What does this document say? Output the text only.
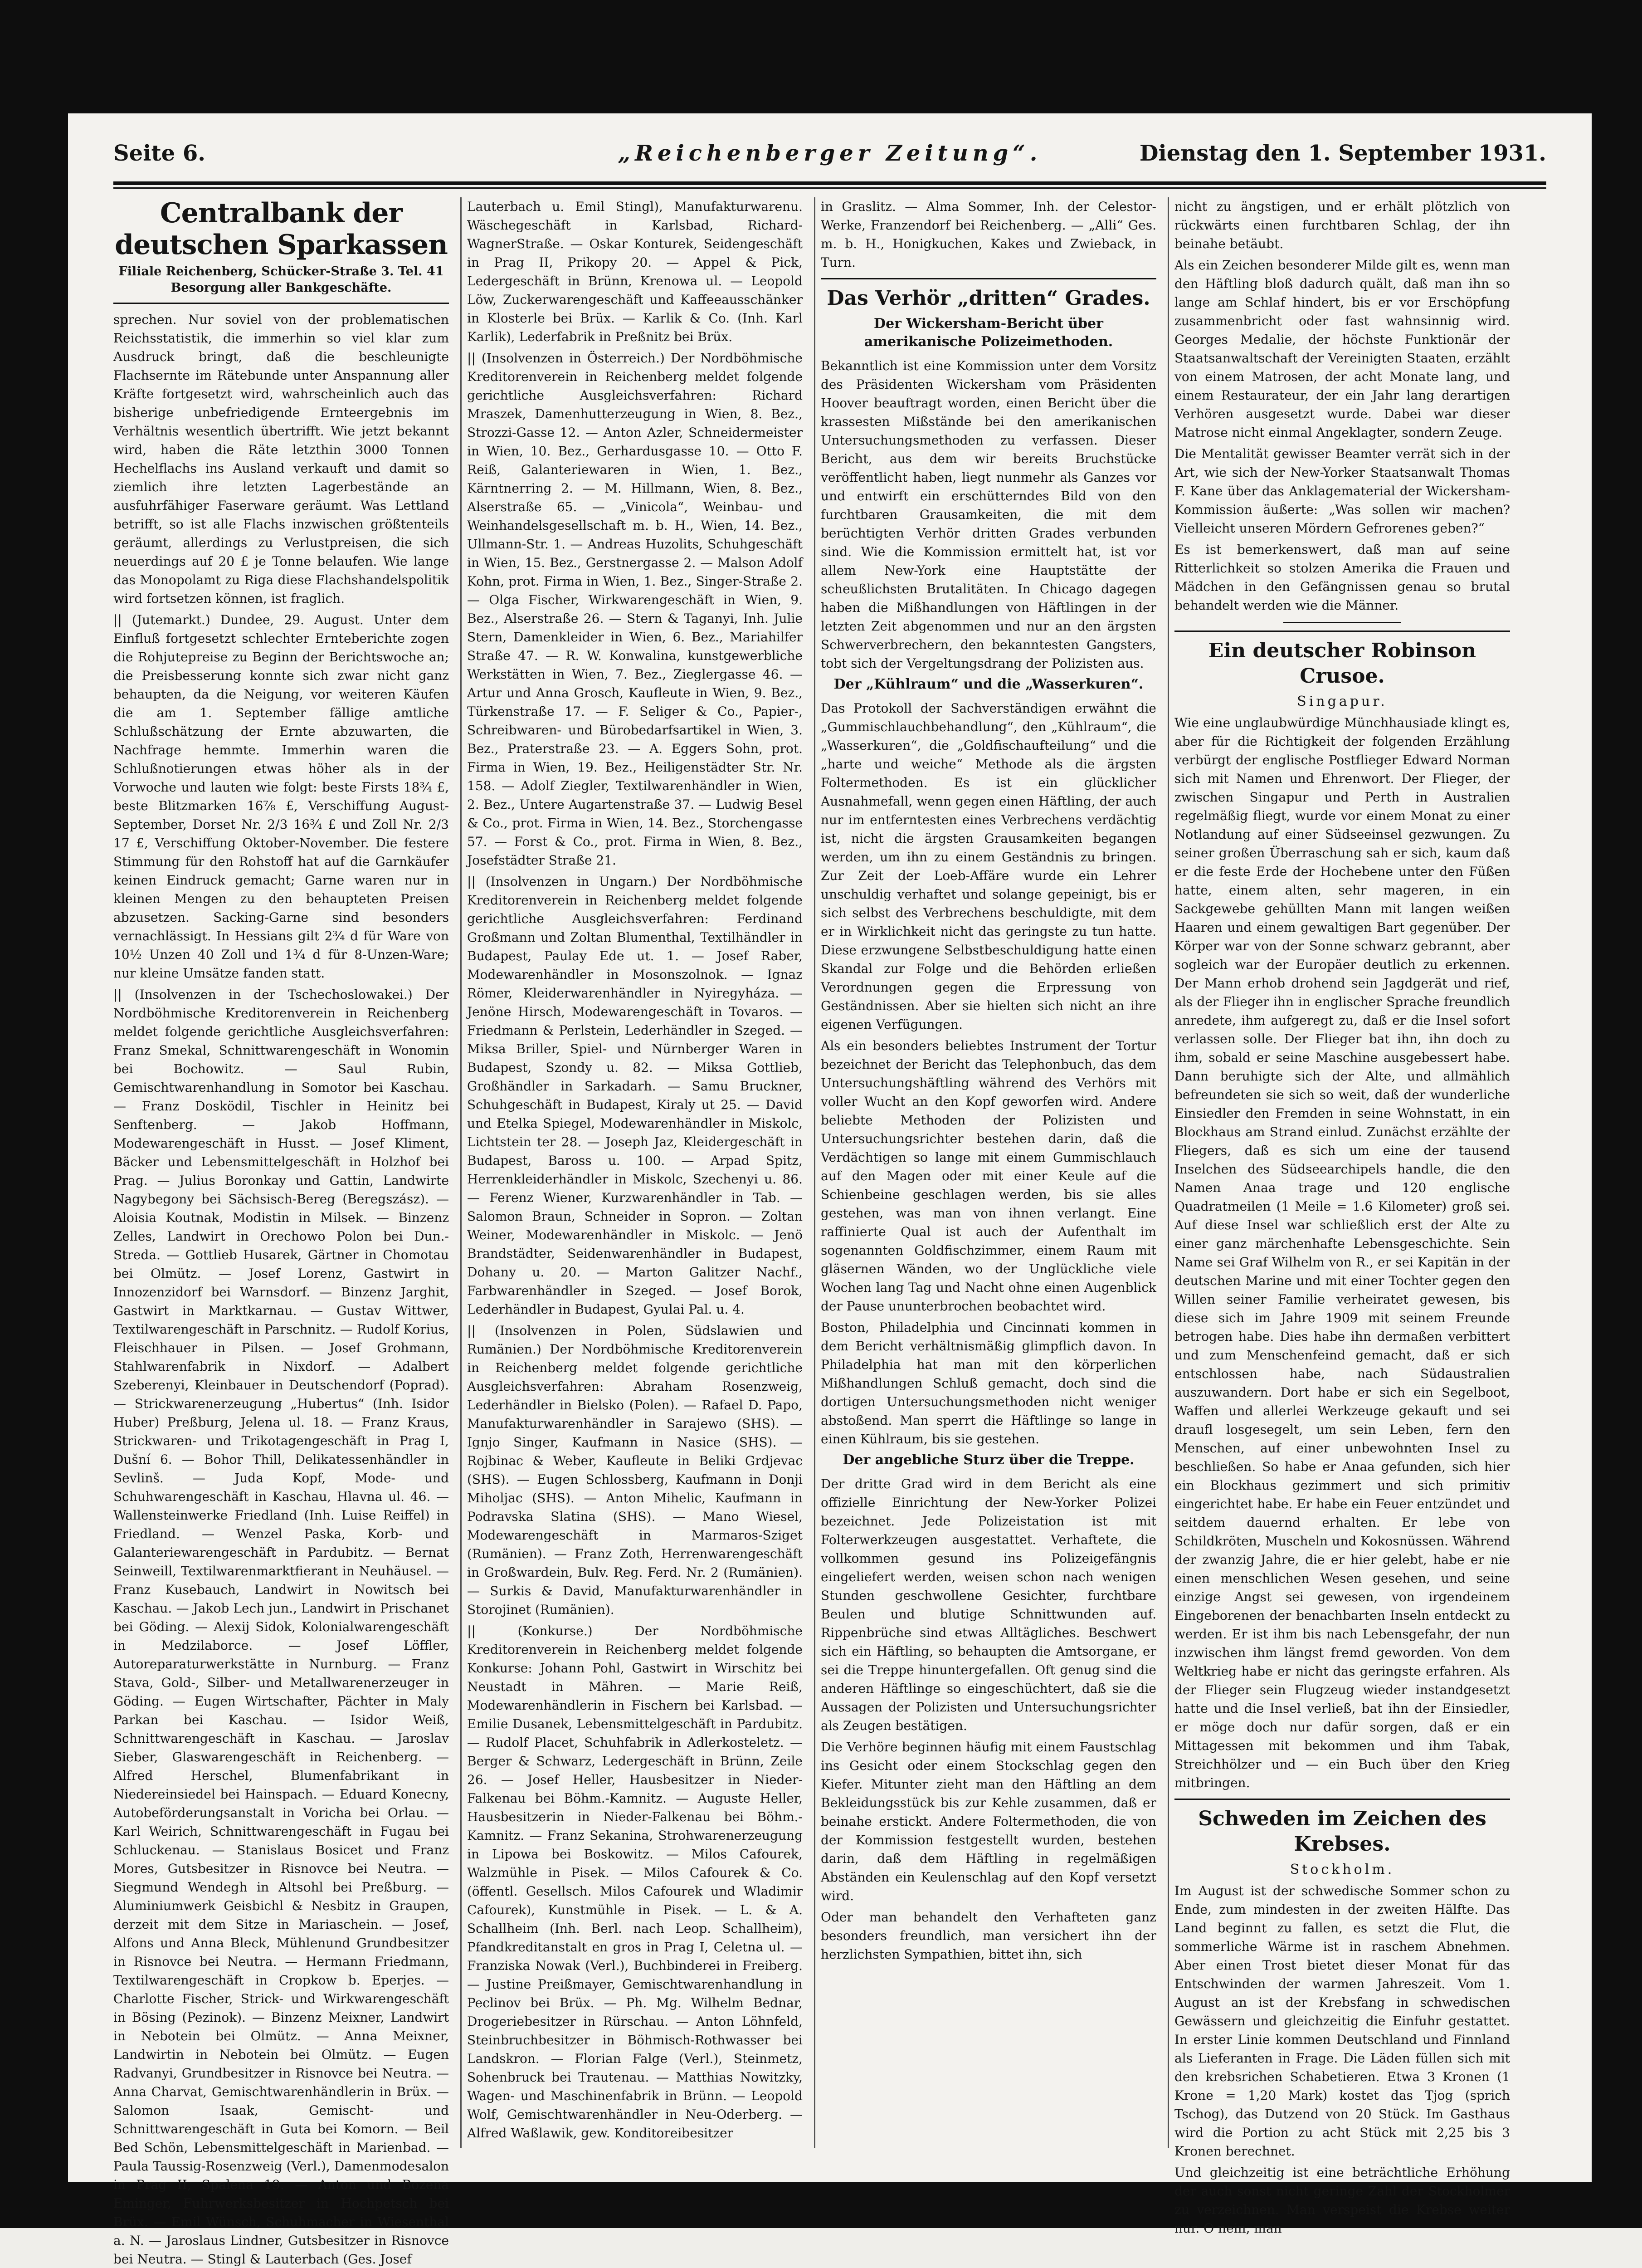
Seite 6.	„Reichenberger Zeitung“.	Dienstag den 1. September 1931.
Centralbank der deutschen Sparkassen
Filiale Reichenberg, Schücker-Straße 3. Tel. 41
Besorgung aller Bankgeschäfte.

sprechen. Nur soviel von der problematischen Reichsstatistik, die immerhin so viel klar zum Ausdruck bringt, daß die beschleunigte Flachsernte im Rätebunde unter Anspannung aller Kräfte fortgesetzt wird, wahrscheinlich auch das bisherige unbefriedigende Ernteergebnis im Verhältnis wesentlich übertrifft. Wie jetzt bekannt wird, haben die Räte letzthin 3000 Tonnen Hechelflachs ins Ausland verkauft und damit so ziemlich ihre letzten Lagerbestände an ausfuhrfähiger Faserware geräumt. Was Lettland betrifft, so ist alle Flachs inzwischen größtenteils geräumt, allerdings zu Verlustpreisen, die sich neuerdings auf 20 £ je Tonne belaufen. Wie lange das Monopolamt zu Riga diese Flachshandelspolitik wird fortsetzen können, ist fraglich.

|| (Jutemarkt.) Dundee, 29. August. Unter dem Einfluß fortgesetzt schlechter Ernteberichte zogen die Rohjutepreise zu Beginn der Berichtswoche an; die Preisbesserung konnte sich zwar nicht ganz behaupten, da die Neigung, vor weiteren Käufen die am 1. September fällige amtliche Schlußschätzung der Ernte abzuwarten, die Nachfrage hemmte. Immerhin waren die Schlußnotierungen etwas höher als in der Vorwoche und lauten wie folgt: beste Firsts 18¾ £, beste Blitzmarken 16⅞ £, Verschiffung August-September, Dorset Nr. 2/3 16¾ £ und Zoll Nr. 2/3 17 £, Verschiffung Oktober-November. Die festere Stimmung für den Rohstoff hat auf die Garnkäufer keinen Eindruck gemacht; Garne waren nur in kleinen Mengen zu den behaupteten Preisen abzusetzen. Sacking-Garne sind besonders vernachlässigt. In Hessians gilt 2¾ d für Ware von 10½ Unzen 40 Zoll und 1¾ d für 8-Unzen-Ware; nur kleine Umsätze fanden statt.

|| (Insolvenzen in der Tschechoslowakei.) Der Nordböhmische Kreditorenverein in Reichenberg meldet folgende gerichtliche Ausgleichsverfahren: Franz Smekal, Schnittwarengeschäft in Wonomin bei Bochowitz. — Saul Rubin, Gemischtwarenhandlung in Somotor bei Kaschau. — Franz Dosködil, Tischler in Heinitz bei Senftenberg. — Jakob Hoffmann, Modewarengeschäft in Husst. — Josef Kliment, Bäcker und Lebensmittelgeschäft in Holzhof bei Prag. — Julius Boronkay und Gattin, Landwirte Nagybegony bei Sächsisch-Bereg (Beregszász). — Aloisia Koutnak, Modistin in Milsek. — Binzenz Zelles, Landwirt in Orechowo Polon bei Dun.-Streda. — Gottlieb Husarek, Gärtner in Chomotau bei Olmütz. — Josef Lorenz, Gastwirt in Innozenzidorf bei Warnsdorf. — Binzenz Jarghit, Gastwirt in Marktkarnau. — Gustav Wittwer, Textilwarengeschäft in Parschnitz. — Rudolf Korius, Fleischhauer in Pilsen. — Josef Grohmann, Stahlwarenfabrik in Nixdorf. — Adalbert Szeberenyi, Kleinbauer in Deutschendorf (Poprad). — Strickwarenerzeugung „Hubertus“ (Inh. Isidor Huber) Preßburg, Jelena ul. 18. — Franz Kraus, Strickwaren- und Trikotagengeschäft in Prag I, Dušní 6. — Bohor Thill, Delikatessenhändler in Sevlinš. — Juda Kopf, Mode- und Schuhwarengeschäft in Kaschau, Hlavna ul. 46. — Wallensteinwerke Friedland (Inh. Luise Reiffel) in Friedland. — Wenzel Paska, Korb- und Galanteriewarengeschäft in Pardubitz. — Bernat Seinweill, Textilwarenmarktfierant in Neuhäusel. — Franz Kusebauch, Landwirt in Nowitsch bei Kaschau. — Jakob Lech jun., Landwirt in Prischanet bei Göding. — Alexij Sidok, Kolonialwarengeschäft in Medzilaborce. — Josef Löffler, Autoreparaturwerkstätte in Nurnburg. — Franz Stava, Gold-, Silber- und Metallwarenerzeuger in Göding. — Eugen Wirtschafter, Pächter in Maly Parkan bei Kaschau. — Isidor Weiß, Schnittwarengeschäft in Kaschau. — Jaroslav Sieber, Glaswarengeschäft in Reichenberg. — Alfred Herschel, Blumenfabrikant in Niedereinsiedel bei Hainspach. — Eduard Konecny, Autobeförderungsanstalt in Voricha bei Orlau. — Karl Weirich, Schnittwarengeschäft in Fugau bei Schluckenau. — Stanislaus Bosicet und Franz Mores, Gutsbesitzer in Risnovce bei Neutra. — Siegmund Wendegh in Altsohl bei Preßburg. — Aluminiumwerk Geisbichl & Nesbitz in Graupen, derzeit mit dem Sitze in Mariaschein. — Josef, Alfons und Anna Bleck, Mühlenund Grundbesitzer in Risnovce bei Neutra. — Hermann Friedmann, Textilwarengeschäft in Cropkow b. Eperjes. — Charlotte Fischer, Strick- und Wirkwarengeschäft in Bösing (Pezinok). — Binzenz Meixner, Landwirt in Nebotein bei Olmütz. — Anna Meixner, Landwirtin in Nebotein bei Olmütz. — Eugen Radvanyi, Grundbesitzer in Risnovce bei Neutra. — Anna Charvat, Gemischtwarenhändlerin in Brüx. — Salomon Isaak, Gemischt- und Schnittwarengeschäft in Guta bei Komorn. — Beil Bed Schön, Lebensmittelgeschäft in Marienbad. — Paula Taussig-Rosenzweig (Verl.), Damenmodesalon in Prag II, Spalena 19. — Anton und Bozena Eminger, Fuhrwerksbesitzer in Hochpetsch bei Brüx. — Emil Wünsch, Schuhmacher in Wiesenthal a. N. — Jaroslaus Lindner, Gutsbesitzer in Risnovce bei Neutra. — Stingl & Lauterbach (Ges. Josef

Lauterbach u. Emil Stingl), Manufakturwarenu. Wäschegeschäft in Karlsbad, Richard-WagnerStraße. — Oskar Konturek, Seidengeschäft in Prag II, Prikopy 20. — Appel & Pick, Ledergeschäft in Brünn, Krenowa ul. — Leopold Löw, Zuckerwarengeschäft und Kaffeeausschänker in Klosterle bei Brüx. — Karlik & Co. (Inh. Karl Karlik), Lederfabrik in Preßnitz bei Brüx.

|| (Insolvenzen in Österreich.) Der Nordböhmische Kreditorenverein in Reichenberg meldet folgende gerichtliche Ausgleichsverfahren: Richard Mraszek, Damenhutterzeugung in Wien, 8. Bez., Strozzi-Gasse 12. — Anton Azler, Schneidermeister in Wien, 10. Bez., Gerhardusgasse 10. — Otto F. Reiß, Galanteriewaren in Wien, 1. Bez., Kärntnerring 2. — M. Hillmann, Wien, 8. Bez., Alserstraße 65. — „Vinicola“, Weinbau- und Weinhandelsgesellschaft m. b. H., Wien, 14. Bez., Ullmann-Str. 1. — Andreas Huzolits, Schuhgeschäft in Wien, 15. Bez., Gerstnergasse 2. — Malson Adolf Kohn, prot. Firma in Wien, 1. Bez., Singer-Straße 2. — Olga Fischer, Wirkwarengeschäft in Wien, 9. Bez., Alserstraße 26. — Stern & Taganyi, Inh. Julie Stern, Damenkleider in Wien, 6. Bez., Mariahilfer Straße 47. — R. W. Konwalina, kunstgewerbliche Werkstätten in Wien, 7. Bez., Zieglergasse 46. — Artur und Anna Grosch, Kaufleute in Wien, 9. Bez., Türkenstraße 17. — F. Seliger & Co., Papier-, Schreibwaren- und Bürobedarfsartikel in Wien, 3. Bez., Praterstraße 23. — A. Eggers Sohn, prot. Firma in Wien, 19. Bez., Heiligenstädter Str. Nr. 158. — Adolf Ziegler, Textilwarenhändler in Wien, 2. Bez., Untere Augartenstraße 37. — Ludwig Besel & Co., prot. Firma in Wien, 14. Bez., Storchengasse 57. — Forst & Co., prot. Firma in Wien, 8. Bez., Josefstädter Straße 21.

|| (Insolvenzen in Ungarn.) Der Nordböhmische Kreditorenverein in Reichenberg meldet folgende gerichtliche Ausgleichsverfahren: Ferdinand Großmann und Zoltan Blumenthal, Textilhändler in Budapest, Paulay Ede ut. 1. — Josef Raber, Modewarenhändler in Mosonszolnok. — Ignaz Römer, Kleiderwarenhändler in Nyiregyháza. — Jenöne Hirsch, Modewarengeschäft in Tovaros. — Friedmann & Perlstein, Lederhändler in Szeged. — Miksa Briller, Spiel- und Nürnberger Waren in Budapest, Szondy u. 82. — Miksa Gottlieb, Großhändler in Sarkadarh. — Samu Bruckner, Schuhgeschäft in Budapest, Kiraly ut 25. — David und Etelka Spiegel, Modewarenhändler in Miskolc, Lichtstein ter 28. — Joseph Jaz, Kleidergeschäft in Budapest, Baross u. 100. — Arpad Spitz, Herrenkleiderhändler in Miskolc, Szechenyi u. 86. — Ferenz Wiener, Kurzwarenhändler in Tab. — Salomon Braun, Schneider in Sopron. — Zoltan Weiner, Modewarenhändler in Miskolc. — Jenö Brandstädter, Seidenwarenhändler in Budapest, Dohany u. 20. — Marton Galitzer Nachf., Farbwarenhändler in Szeged. — Josef Borok, Lederhändler in Budapest, Gyulai Pal. u. 4.

|| (Insolvenzen in Polen, Südslawien und Rumänien.) Der Nordböhmische Kreditorenverein in Reichenberg meldet folgende gerichtliche Ausgleichsverfahren: Abraham Rosenzweig, Lederhändler in Bielsko (Polen). — Rafael D. Papo, Manufakturwarenhändler in Sarajewo (SHS). — Ignjo Singer, Kaufmann in Nasice (SHS). — Rojbinac & Weber, Kaufleute in Beliki Grdjevac (SHS). — Eugen Schlossberg, Kaufmann in Donji Miholjac (SHS). — Anton Mihelic, Kaufmann in Podravska Slatina (SHS). — Mano Wiesel, Modewarengeschäft in Marmaros-Sziget (Rumänien). — Franz Zoth, Herrenwarengeschäft in Großwardein, Bulv. Reg. Ferd. Nr. 2 (Rumänien). — Surkis & David, Manufakturwarenhändler in Storojinet (Rumänien).

|| (Konkurse.) Der Nordböhmische Kreditorenverein in Reichenberg meldet folgende Konkurse: Johann Pohl, Gastwirt in Wirschitz bei Neustadt in Mähren. — Marie Reiß, Modewarenhändlerin in Fischern bei Karlsbad. — Emilie Dusanek, Lebensmittelgeschäft in Pardubitz. — Rudolf Placet, Schuhfabrik in Adlerkosteletz. — Berger & Schwarz, Ledergeschäft in Brünn, Zeile 26. — Josef Heller, Hausbesitzer in Nieder-Falkenau bei Böhm.-Kamnitz. — Auguste Heller, Hausbesitzerin in Nieder-Falkenau bei Böhm.-Kamnitz. — Franz Sekanina, Strohwarenerzeugung in Lipowa bei Boskowitz. — Milos Cafourek, Walzmühle in Pisek. — Milos Cafourek & Co. (öffentl. Gesellsch. Milos Cafourek und Wladimir Cafourek), Kunstmühle in Pisek. — L. & A. Schallheim (Inh. Berl. nach Leop. Schallheim), Pfandkreditanstalt en gros in Prag I, Celetna ul. — Franziska Nowak (Verl.), Buchbinderei in Freiberg. — Justine Preißmayer, Gemischtwarenhandlung in Peclinov bei Brüx. — Ph. Mg. Wilhelm Bednar, Drogeriebesitzer in Rürschau. — Anton Löhnfeld, Steinbruchbesitzer in Böhmisch-Rothwasser bei Landskron. — Florian Falge (Verl.), Steinmetz, Sohenbruck bei Trautenau. — Matthias Nowitzky, Wagen- und Maschinenfabrik in Brünn. — Leopold Wolf, Gemischtwarenhändler in Neu-Oderberg. — Alfred Waßlawik, gew. Konditoreibesitzer

in Graslitz. — Alma Sommer, Inh. der Celestor-Werke, Franzendorf bei Reichenberg. — „Alli“ Ges. m. b. H., Honigkuchen, Kakes und Zwieback, in Turn.

Das Verhör „dritten“ Grades.
Der Wickersham-Bericht über amerikanische Polizeimethoden.

Bekanntlich ist eine Kommission unter dem Vorsitz des Präsidenten Wickersham vom Präsidenten Hoover beauftragt worden, einen Bericht über die krassesten Mißstände bei den amerikanischen Untersuchungsmethoden zu verfassen. Dieser Bericht, aus dem wir bereits Bruchstücke veröffentlicht haben, liegt nunmehr als Ganzes vor und entwirft ein erschütterndes Bild von den furchtbaren Grausamkeiten, die mit dem berüchtigten Verhör dritten Grades verbunden sind. Wie die Kommission ermittelt hat, ist vor allem New-York eine Hauptstätte der scheußlichsten Brutalitäten. In Chicago dagegen haben die Mißhandlungen von Häftlingen in der letzten Zeit abgenommen und nur an den ärgsten Schwerverbrechern, den bekanntesten Gangsters, tobt sich der Vergeltungsdrang der Polizisten aus.

Der „Kühlraum“ und die „Wasserkuren“.

Das Protokoll der Sachverständigen erwähnt die „Gummischlauchbehandlung“, den „Kühlraum“, die „Wasserkuren“, die „Goldfischaufteilung“ und die „harte und weiche“ Methode als die ärgsten Foltermethoden. Es ist ein glücklicher Ausnahmefall, wenn gegen einen Häftling, der auch nur im entferntesten eines Verbrechens verdächtig ist, nicht die ärgsten Grausamkeiten begangen werden, um ihn zu einem Geständnis zu bringen. Zur Zeit der Loeb-Affäre wurde ein Lehrer unschuldig verhaftet und solange gepeinigt, bis er sich selbst des Verbrechens beschuldigte, mit dem er in Wirklichkeit nicht das geringste zu tun hatte. Diese erzwungene Selbstbeschuldigung hatte einen Skandal zur Folge und die Behörden erließen Verordnungen gegen die Erpressung von Geständnissen. Aber sie hielten sich nicht an ihre eigenen Verfügungen.

Als ein besonders beliebtes Instrument der Tortur bezeichnet der Bericht das Telephonbuch, das dem Untersuchungshäftling während des Verhörs mit voller Wucht an den Kopf geworfen wird. Andere beliebte Methoden der Polizisten und Untersuchungsrichter bestehen darin, daß die Verdächtigen so lange mit einem Gummischlauch auf den Magen oder mit einer Keule auf die Schienbeine geschlagen werden, bis sie alles gestehen, was man von ihnen verlangt. Eine raffinierte Qual ist auch der Aufenthalt im sogenannten Goldfischzimmer, einem Raum mit gläsernen Wänden, wo der Unglückliche viele Wochen lang Tag und Nacht ohne einen Augenblick der Pause ununterbrochen beobachtet wird.

Boston, Philadelphia und Cincinnati kommen in dem Bericht verhältnismäßig glimpflich davon. In Philadelphia hat man mit den körperlichen Mißhandlungen Schluß gemacht, doch sind die dortigen Untersuchungsmethoden nicht weniger abstoßend. Man sperrt die Häftlinge so lange in einen Kühlraum, bis sie gestehen.

Der angebliche Sturz über die Treppe.

Der dritte Grad wird in dem Bericht als eine offizielle Einrichtung der New-Yorker Polizei bezeichnet. Jede Polizeistation ist mit Folterwerkzeugen ausgestattet. Verhaftete, die vollkommen gesund ins Polizeigefängnis eingeliefert werden, weisen schon nach wenigen Stunden geschwollene Gesichter, furchtbare Beulen und blutige Schnittwunden auf. Rippenbrüche sind etwas Alltägliches. Beschwert sich ein Häftling, so behaupten die Amtsorgane, er sei die Treppe hinuntergefallen. Oft genug sind die anderen Häftlinge so eingeschüchtert, daß sie die Aussagen der Polizisten und Untersuchungsrichter als Zeugen bestätigen.

Die Verhöre beginnen häufig mit einem Faustschlag ins Gesicht oder einem Stockschlag gegen den Kiefer. Mitunter zieht man den Häftling an dem Bekleidungsstück bis zur Kehle zusammen, daß er beinahe erstickt. Andere Foltermethoden, die von der Kommission festgestellt wurden, bestehen darin, daß dem Häftling in regelmäßigen Abständen ein Keulenschlag auf den Kopf versetzt wird.

Oder man behandelt den Verhafteten ganz besonders freundlich, man versichert ihn der herzlichsten Sympathien, bittet ihn, sich

nicht zu ängstigen, und er erhält plötzlich von rückwärts einen furchtbaren Schlag, der ihn beinahe betäubt.

Als ein Zeichen besonderer Milde gilt es, wenn man den Häftling bloß dadurch quält, daß man ihn so lange am Schlaf hindert, bis er vor Erschöpfung zusammenbricht oder fast wahnsinnig wird. Georges Medalie, der höchste Funktionär der Staatsanwaltschaft der Vereinigten Staaten, erzählt von einem Matrosen, der acht Monate lang, und einem Restaurateur, der ein Jahr lang derartigen Verhören ausgesetzt wurde. Dabei war dieser Matrose nicht einmal Angeklagter, sondern Zeuge.

Die Mentalität gewisser Beamter verrät sich in der Art, wie sich der New-Yorker Staatsanwalt Thomas F. Kane über das Anklagematerial der Wickersham-Kommission äußerte: „Was sollen wir machen? Vielleicht unseren Mördern Gefrorenes geben?“

Es ist bemerkenswert, daß man auf seine Ritterlichkeit so stolzen Amerika die Frauen und Mädchen in den Gefängnissen genau so brutal behandelt werden wie die Männer.

Ein deutscher Robinson Crusoe.
Singapur.

Wie eine unglaubwürdige Münchhausiade klingt es, aber für die Richtigkeit der folgenden Erzählung verbürgt der englische Postflieger Edward Norman sich mit Namen und Ehrenwort. Der Flieger, der zwischen Singapur und Perth in Australien regelmäßig fliegt, wurde vor einem Monat zu einer Notlandung auf einer Südseeinsel gezwungen. Zu seiner großen Überraschung sah er sich, kaum daß er die feste Erde der Hochebene unter den Füßen hatte, einem alten, sehr mageren, in ein Sackgewebe gehüllten Mann mit langen weißen Haaren und einem gewaltigen Bart gegenüber. Der Körper war von der Sonne schwarz gebrannt, aber sogleich war der Europäer deutlich zu erkennen. Der Mann erhob drohend sein Jagdgerät und rief, als der Flieger ihn in englischer Sprache freundlich anredete, ihm aufgeregt zu, daß er die Insel sofort verlassen solle. Der Flieger bat ihn, ihn doch zu ihm, sobald er seine Maschine ausgebessert habe. Dann beruhigte sich der Alte, und allmählich befreundeten sie sich so weit, daß der wunderliche Einsiedler den Fremden in seine Wohnstatt, in ein Blockhaus am Strand einlud. Zunächst erzählte der Fliegers, daß es sich um eine der tausend Inselchen des Südseearchipels handle, die den Namen Anaa trage und 120 englische Quadratmeilen (1 Meile = 1.6 Kilometer) groß sei. Auf diese Insel war schließlich erst der Alte zu einer ganz märchenhafte Lebensgeschichte. Sein Name sei Graf Wilhelm von R., er sei Kapitän in der deutschen Marine und mit einer Tochter gegen den Willen seiner Familie verheiratet gewesen, bis diese sich im Jahre 1909 mit seinem Freunde betrogen habe. Dies habe ihn dermaßen verbittert und zum Menschenfeind gemacht, daß er sich entschlossen habe, nach Südaustralien auszuwandern. Dort habe er sich ein Segelboot, Waffen und allerlei Werkzeuge gekauft und sei draufl losgesegelt, um sein Leben, fern den Menschen, auf einer unbewohnten Insel zu beschließen. So habe er Anaa gefunden, sich hier ein Blockhaus gezimmert und sich primitiv eingerichtet habe. Er habe ein Feuer entzündet und seitdem dauernd erhalten. Er lebe von Schildkröten, Muscheln und Kokosnüssen. Während der zwanzig Jahre, die er hier gelebt, habe er nie einen menschlichen Wesen gesehen, und seine einzige Angst sei gewesen, von irgendeinem Eingeborenen der benachbarten Inseln entdeckt zu werden. Er ist ihm bis nach Lebensgefahr, der nun inzwischen ihm längst fremd geworden. Von dem Weltkrieg habe er nicht das geringste erfahren. Als der Flieger sein Flugzeug wieder instandgesetzt hatte und die Insel verließ, bat ihn der Einsiedler, er möge doch nur dafür sorgen, daß er ein Mittagessen mit bekommen und ihm Tabak, Streichhölzer und — ein Buch über den Krieg mitbringen.

Schweden im Zeichen des Krebses.
Stockholm.

Im August ist der schwedische Sommer schon zu Ende, zum mindesten in der zweiten Hälfte. Das Land beginnt zu fallen, es setzt die Flut, die sommerliche Wärme ist in raschem Abnehmen. Aber einen Trost bietet dieser Monat für das Entschwinden der warmen Jahreszeit. Vom 1. August an ist der Krebsfang in schwedischen Gewässern und gleichzeitig die Einfuhr gestattet. In erster Linie kommen Deutschland und Finnland als Lieferanten in Frage. Die Läden füllen sich mit den krebsrichen Schabetieren. Etwa 3 Kronen (1 Krone = 1,20 Mark) kostet das Tjog (sprich Tschog), das Dutzend von 20 Stück. Im Gasthaus wird die Portion zu acht Stück mit 2,25 bis 3 Kronen berechnet.

Und gleichzeitig ist eine beträchtliche Erhöhung der auch sonst nicht geringe Zahl der Stockholmer zu verzeichnen. Man verspeist die Krebse weiter nur. O nein, man
